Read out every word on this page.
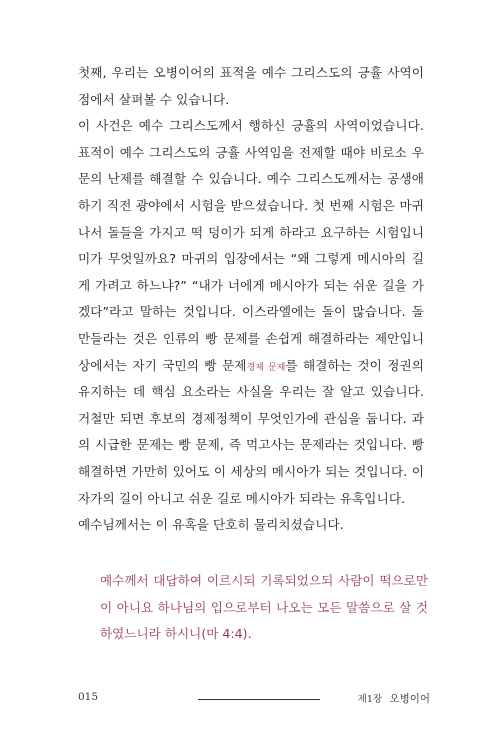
첫째, 우리는 오병이어의 표적을 예수 그리스도의 긍휼 사역이
점에서 살펴볼 수 있습니다.
이 사건은 예수 그리스도께서 행하신 긍휼의 사역이었습니다.
표적이 예수 그리스도의 긍휼 사역임을 전제할 때야 비로소 우
문의 난제를 해결할 수 있습니다. 예수 그리스도께서는 공생애
하기 직전 광야에서 시험을 받으셨습니다. 첫 번째 시험은 마귀
나서 돌들을 가지고 떡 덩이가 되게 하라고 요구하는 시험입니
미가 무엇일까요? 마귀의 입장에서는 “왜 그렇게 메시아의 길
게 가려고 하느냐?” “내가 너에게 메시아가 되는 쉬운 길을 가
겠다”라고 말하는 것입니다. 이스라엘에는 돌이 많습니다. 돌
만들라는 것은 인류의 빵 문제를 손쉽게 해결하라는 제안입니
상에서는 자기 국민의 빵 문제경제 문제를 해결하는 것이 정권의
유지하는 데 핵심 요소라는 사실을 우리는 잘 알고 있습니다.
거철만 되면 후보의 경제정책이 무엇인가에 관심을 둡니다. 과
의 시급한 문제는 빵 문제, 즉 먹고사는 문제라는 것입니다. 빵
해결하면 가만히 있어도 이 세상의 메시아가 되는 것입니다. 이
자가의 길이 아니고 쉬운 길로 메시아가 되라는 유혹입니다.
예수님께서는 이 유혹을 단호히 물리치셨습니다.
예수께서 대답하여 이르시되 기록되었으되 사람이 떡으로만
이 아니요 하나님의 입으로부터 나오는 모든 말씀으로 살 것
하였느니라 하시니(마 4:4).
015	제1장 오병이어
